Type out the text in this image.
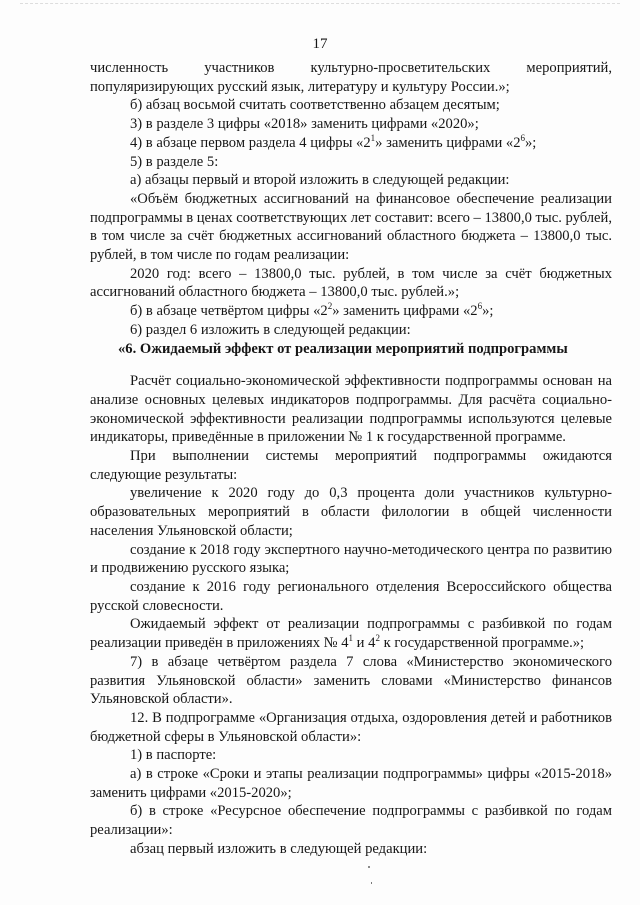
17

численность участников культурно-просветительских мероприятий, популяризирующих русский язык, литературу и культуру России.»;

б) абзац восьмой считать соответственно абзацем десятым;

3) в разделе 3 цифры «2018» заменить цифрами «2020»;

4) в абзаце первом раздела 4 цифры «$2^1$» заменить цифрами «$2^6$»;

5) в разделе 5:

а) абзацы первый и второй изложить в следующей редакции:

«Объём бюджетных ассигнований на финансовое обеспечение реализации подпрограммы в ценах соответствующих лет составит: всего – 13800,0 тыс. рублей, в том числе за счёт бюджетных ассигнований областного бюджета – 13800,0 тыс. рублей, в том числе по годам реализации:

2020 год: всего – 13800,0 тыс. рублей, в том числе за счёт бюджетных ассигнований областного бюджета – 13800,0 тыс. рублей.»;

б) в абзаце четвёртом цифры «$2^2$» заменить цифрами «$2^6$»;

6) раздел 6 изложить в следующей редакции:

«6. Ожидаемый эффект от реализации мероприятий подпрограммы

Расчёт социально-экономической эффективности подпрограммы основан на анализе основных целевых индикаторов подпрограммы. Для расчёта социально-экономической эффективности реализации подпрограммы используются целевые индикаторы, приведённые в приложении № 1 к государственной программе.

При выполнении системы мероприятий подпрограммы ожидаются следующие результаты:

увеличение к 2020 году до 0,3 процента доли участников культурно-образовательных мероприятий в области филологии в общей численности населения Ульяновской области;

создание к 2018 году экспертного научно-методического центра по развитию и продвижению русского языка;

создание к 2016 году регионального отделения Всероссийского общества русской словесности.

Ожидаемый эффект от реализации подпрограммы с разбивкой по годам реализации приведён в приложениях № $4^1$ и $4^2$ к государственной программе.»;

7) в абзаце четвёртом раздела 7 слова «Министерство экономического развития Ульяновской области» заменить словами «Министерство финансов Ульяновской области».

12. В подпрограмме «Организация отдыха, оздоровления детей и работников бюджетной сферы в Ульяновской области»:

1) в паспорте:

а) в строке «Сроки и этапы реализации подпрограммы» цифры «2015-2018» заменить цифрами «2015-2020»;

б) в строке «Ресурсное обеспечение подпрограммы с разбивкой по годам реализации»:

абзац первый изложить в следующей редакции:
